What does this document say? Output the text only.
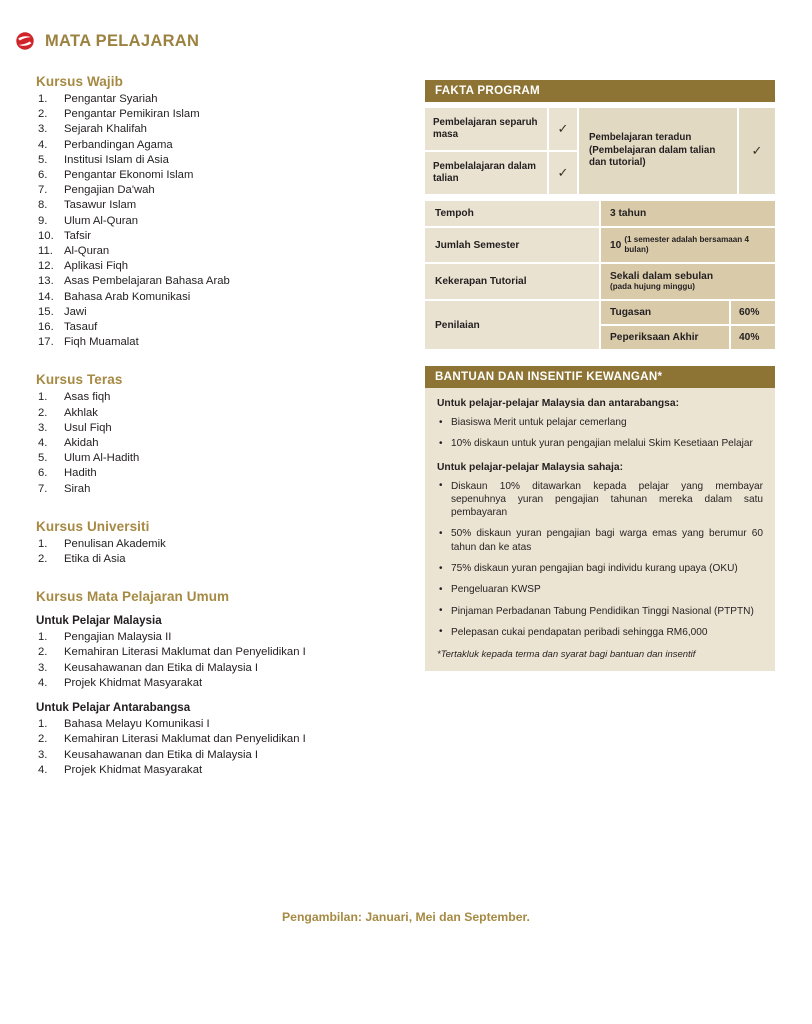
MATA PELAJARAN
Kursus Wajib
Pengantar Syariah
Pengantar Pemikiran Islam
Sejarah Khalifah
Perbandingan Agama
Institusi Islam di Asia
Pengantar Ekonomi Islam
Pengajian Da'wah
Tasawur Islam
Ulum Al-Quran
Tafsir
Al-Quran
Aplikasi Fiqh
Asas Pembelajaran Bahasa Arab
Bahasa Arab Komunikasi
Jawi
Tasauf
Fiqh Muamalat
Kursus Teras
Asas fiqh
Akhlak
Usul Fiqh
Akidah
Ulum Al-Hadith
Hadith
Sirah
Kursus Universiti
Penulisan Akademik
Etika di Asia
Kursus Mata Pelajaran Umum
Untuk Pelajar Malaysia
Pengajian Malaysia II
Kemahiran Literasi Maklumat dan Penyelidikan I
Keusahawanan dan Etika di Malaysia I
Projek Khidmat Masyarakat
Untuk Pelajar Antarabangsa
Bahasa Melayu Komunikasi I
Kemahiran Literasi Maklumat dan Penyelidikan I
Keusahawanan dan Etika di Malaysia I
Projek Khidmat Masyarakat
FAKTA PROGRAM
Pembelajaran separuh masa	✓
Pembelalajaran dalam talian	✓
Pembelajaran teradun (Pembelajaran dalam talian dan tutorial)
✓
Tempoh	3 tahun
Jumlah Semester	10 (1 semester adalah bersamaan 4 bulan)
Kekerapan Tutorial	Sekali dalam sebulan
(pada hujung minggu)
Penilaian
Tugasan	60%
Peperiksaan Akhir	40%
BANTUAN DAN INSENTIF KEWANGAN*
Untuk pelajar-pelajar Malaysia dan antarabangsa:
• Biasiswa Merit untuk pelajar cemerlang
• 10% diskaun untuk yuran pengajian melalui Skim Kesetiaan Pelajar
Untuk pelajar-pelajar Malaysia sahaja:
• Diskaun 10% ditawarkan kepada pelajar yang membayar sepenuhnya yuran pengajian tahunan mereka dalam satu pembayaran
• 50% diskaun yuran pengajian bagi warga emas yang berumur 60 tahun dan ke atas
• 75% diskaun yuran pengajian bagi individu kurang upaya (OKU)
• Pengeluaran KWSP
• Pinjaman Perbadanan Tabung Pendidikan Tinggi Nasional (PTPTN)
• Pelepasan cukai pendapatan peribadi sehingga RM6,000
*Tertakluk kepada terma dan syarat bagi bantuan dan insentif
Pengambilan: Januari, Mei dan September.
